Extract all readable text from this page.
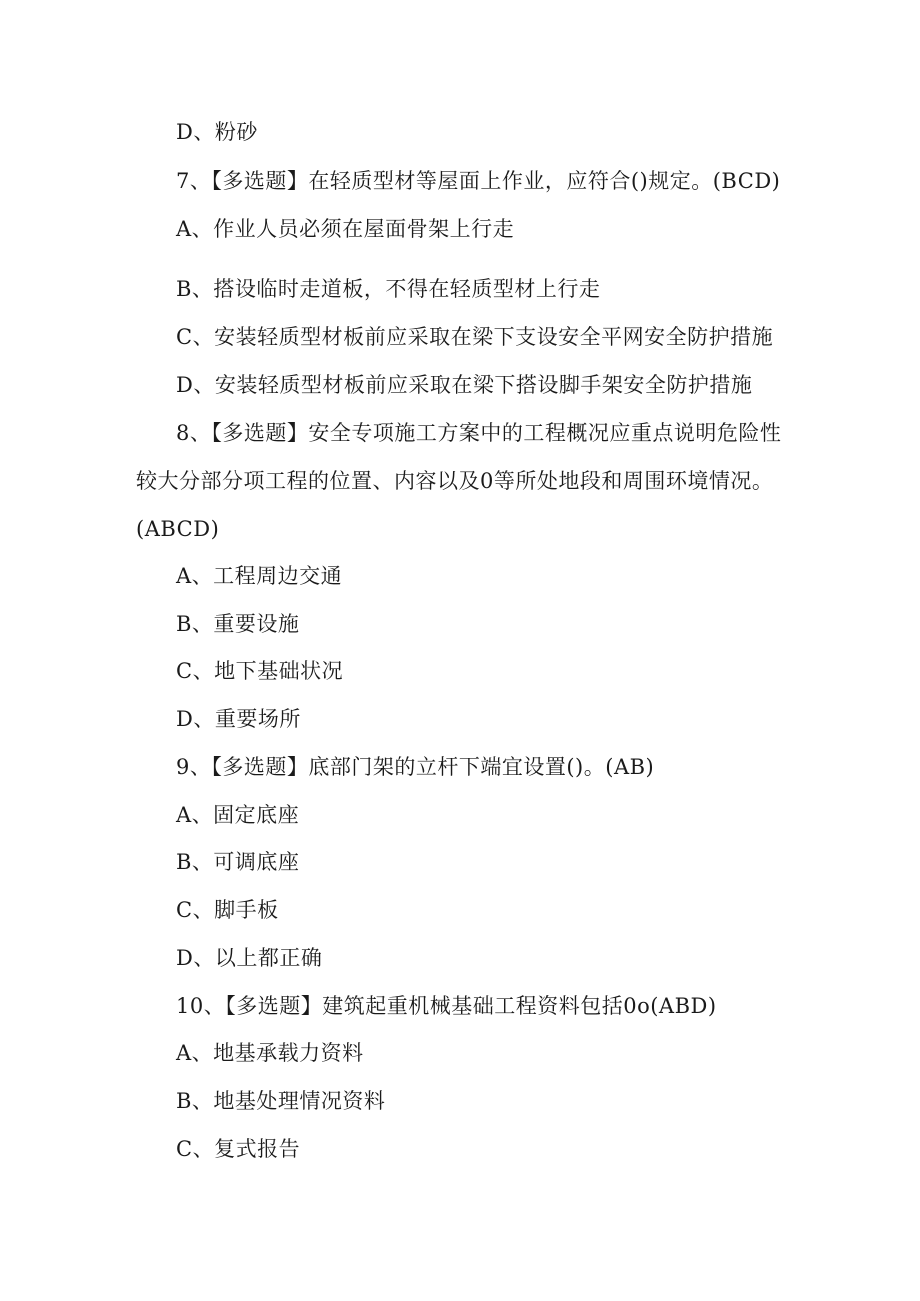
D、粉砂
7、【多选题】在轻质型材等屋面上作业，应符合()规定。(BCD)
A、作业人员必须在屋面骨架上行走
B、搭设临时走道板，不得在轻质型材上行走
C、安装轻质型材板前应采取在梁下支设安全平网安全防护措施
D、安装轻质型材板前应采取在梁下搭设脚手架安全防护措施
8、【多选题】安全专项施工方案中的工程概况应重点说明危险性
较大分部分项工程的位置、内容以及0等所处地段和周围环境情况。
(ABCD)
A、工程周边交通
B、重要设施
C、地下基础状况
D、重要场所
9、【多选题】底部门架的立杆下端宜设置()。(AB)
A、固定底座
B、可调底座
C、脚手板
D、以上都正确
10、【多选题】建筑起重机械基础工程资料包括0o(ABD)
A、地基承载力资料
B、地基处理情况资料
C、复式报告
